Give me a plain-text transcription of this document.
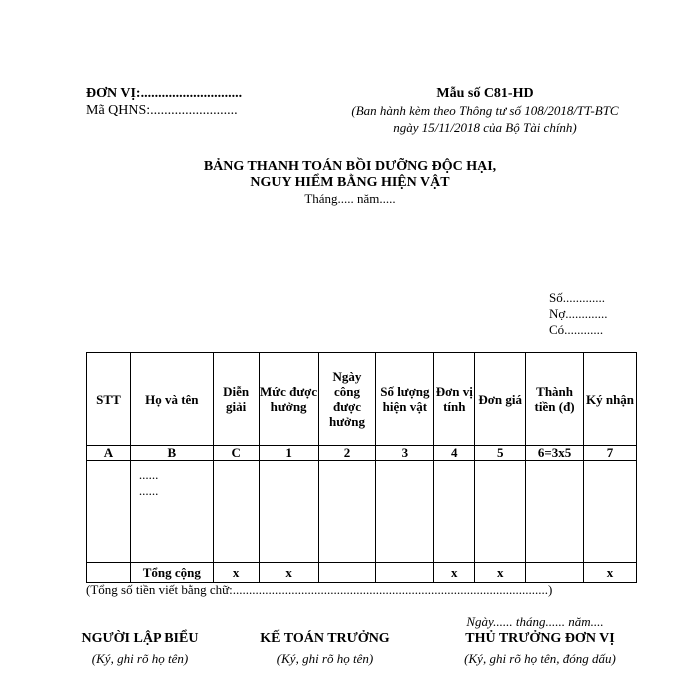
ĐƠN VỊ:.............................
Mã QHNS:.........................
Mẫu số C81-HD
(Ban hành kèm theo Thông tư số 108/2018/TT-BTC
ngày 15/11/2018 của Bộ Tài chính)
BẢNG THANH TOÁN BỒI DƯỠNG ĐỘC HẠI,
NGUY HIỂM BẰNG HIỆN VẬT
Tháng..... năm.....
Số.............
Nợ.............
Có............
STT	Họ và tên	Diễn giải	Mức được hưởng	Ngày công được hưởng	Số lượng hiện vật	Đơn vị tính	Đơn giá	Thành tiền (đ)	Ký nhận
A	B	C	1	2	3	4	5	6=3x5	7

	......
......								

	Tổng cộng	x	x			x	x		x
(Tổng số tiền viết bằng chữ:.................................................................................................)
Ngày...... tháng...... năm....
NGƯỜI LẬP BIỂU
(Ký, ghi rõ họ tên)
KẾ TOÁN TRƯỞNG
(Ký, ghi rõ họ tên)
THỦ TRƯỞNG ĐƠN VỊ
(Ký, ghi rõ họ tên, đóng dấu)
